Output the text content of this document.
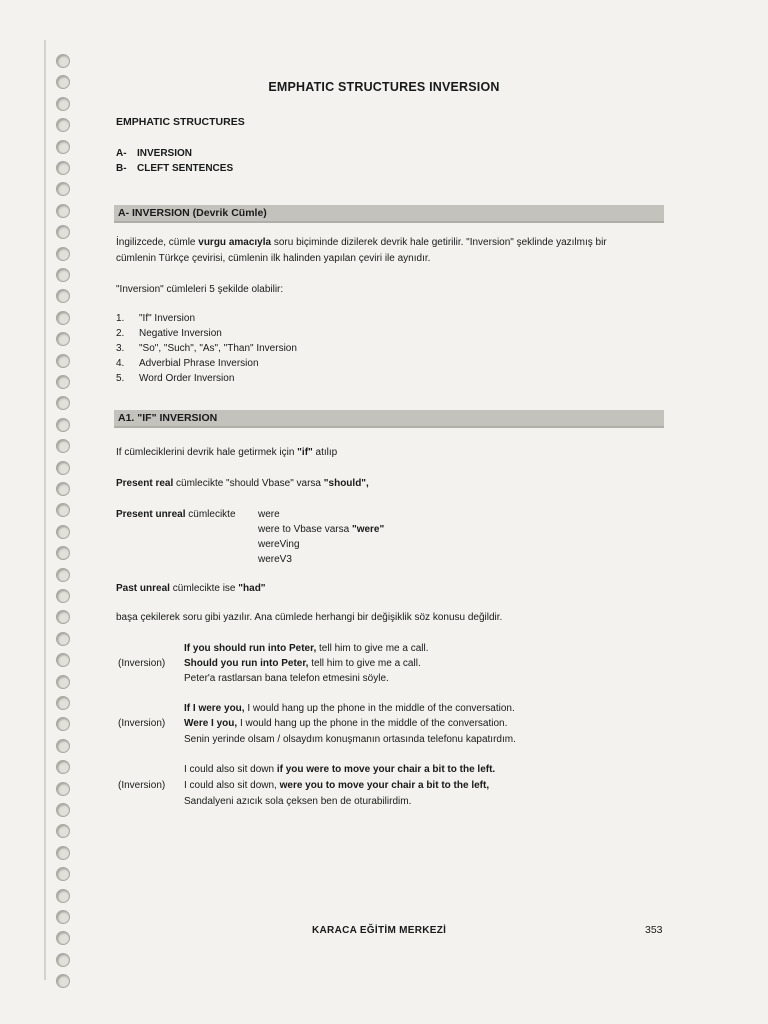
EMPHATIC STRUCTURES INVERSION
EMPHATIC STRUCTURES
A- INVERSION
B- CLEFT SENTENCES
A- INVERSION (Devrik Cümle)
İngilizcede, cümle vurgu amacıyla soru biçiminde dizilerek devrik hale getirilir. "Inversion" şeklinde yazılmış bir
cümlenin Türkçe çevirisi, cümlenin ilk halinden yapılan çeviri ile aynıdır.
"Inversion" cümleleri 5 şekilde olabilir:
1. "If" Inversion
2. Negative Inversion
3. "So", "Such", "As", "Than" Inversion
4. Adverbial Phrase Inversion
5. Word Order Inversion
A1. "IF" INVERSION
If cümleciklerini devrik hale getirmek için "if" atılıp
Present real cümlecikte "should Vbase" varsa "should",
Present unreal cümlecikte were
were to Vbase varsa "were"
wereVing
wereV3
Past unreal cümlecikte ise "had"
başa çekilerek soru gibi yazılır. Ana cümlede herhangi bir değişiklik söz konusu değildir.
If you should run into Peter, tell him to give me a call.
(Inversion) Should you run into Peter, tell him to give me a call.
Peter'a rastlarsan bana telefon etmesini söyle.
If I were you, I would hang up the phone in the middle of the conversation.
(Inversion) Were I you, I would hang up the phone in the middle of the conversation.
Senin yerinde olsam / olsaydım konuşmanın ortasında telefonu kapatırdım.
I could also sit down if you were to move your chair a bit to the left.
(Inversion) I could also sit down, were you to move your chair a bit to the left,
Sandalyeni azıcık sola çeksen ben de oturabilirdim.
KARACA EĞİTİM MERKEZİ	353
